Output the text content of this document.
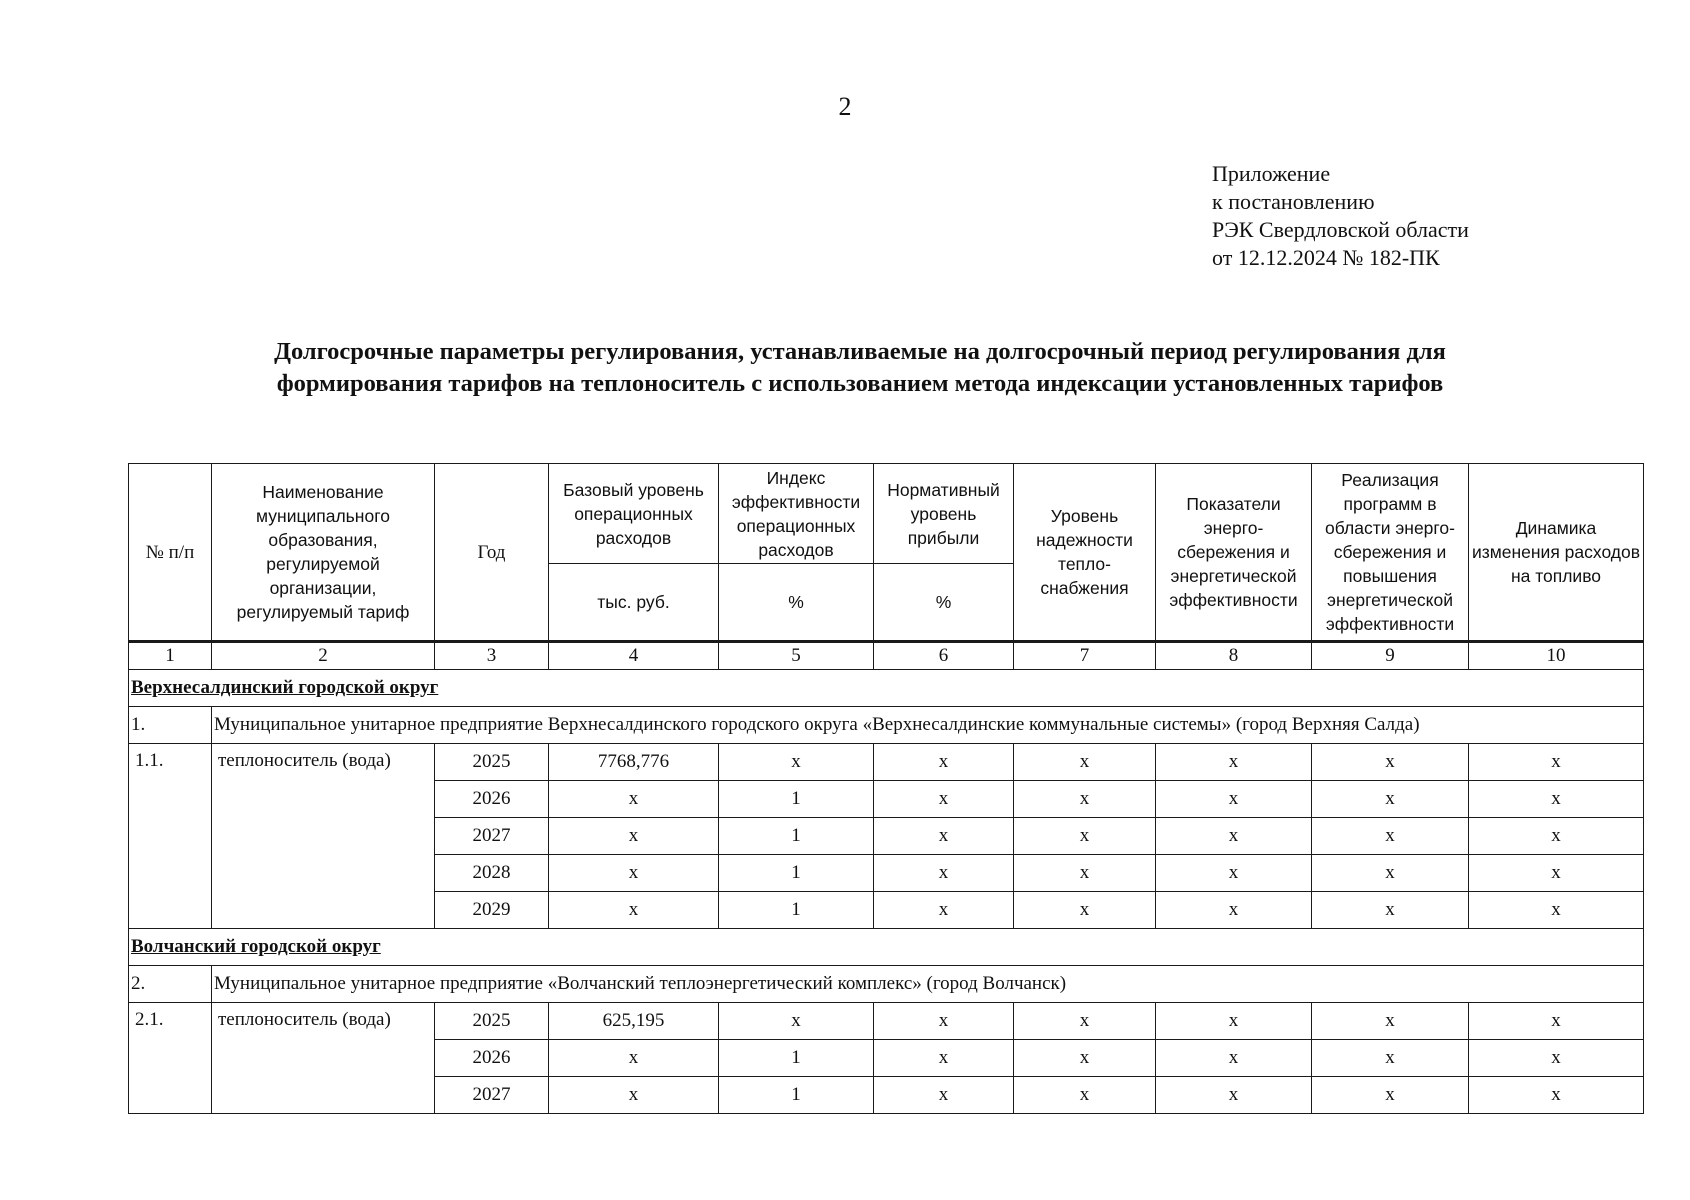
2
Приложение
к постановлению
РЭК Свердловской области
от 12.12.2024 № 182-ПК
Долгосрочные параметры регулирования, устанавливаемые на долгосрочный период регулирования для
формирования тарифов на теплоноситель с использованием метода индексации установленных тарифов
№ п/п	Наименование муниципального образования, регулируемой организации, регулируемый тариф	Год	Базовый уровень операционных расходов	Индекс эффективности операционных расходов	Нормативный уровень прибыли	Уровень надежности тепло-снабжения	Показатели энерго-сбережения и энергетической эффективности	Реализация программ в области энерго-сбережения и повышения энергетической эффективности	Динамика изменения расходов на топливо
			тыс. руб.	%	%				
1	2	3	4	5	6	7	8	9	10
Верхнесалдинский городской округ									
1.	Муниципальное унитарное предприятие Верхнесалдинского городского округа «Верхнесалдинские коммунальные системы» (город Верхняя Салда)								
1.1.	теплоноситель (вода)	2025	7768,776	x	x	x	x	x	x
		2026	x	1	x	x	x	x	x
		2027	x	1	x	x	x	x	x
		2028	x	1	x	x	x	x	x
		2029	x	1	x	x	x	x	x
Волчанский городской округ									
2.	Муниципальное унитарное предприятие «Волчанский теплоэнергетический комплекс» (город Волчанск)								
2.1.	теплоноситель (вода)	2025	625,195	x	x	x	x	x	x
		2026	x	1	x	x	x	x	x
		2027	x	1	x	x	x	x	x
